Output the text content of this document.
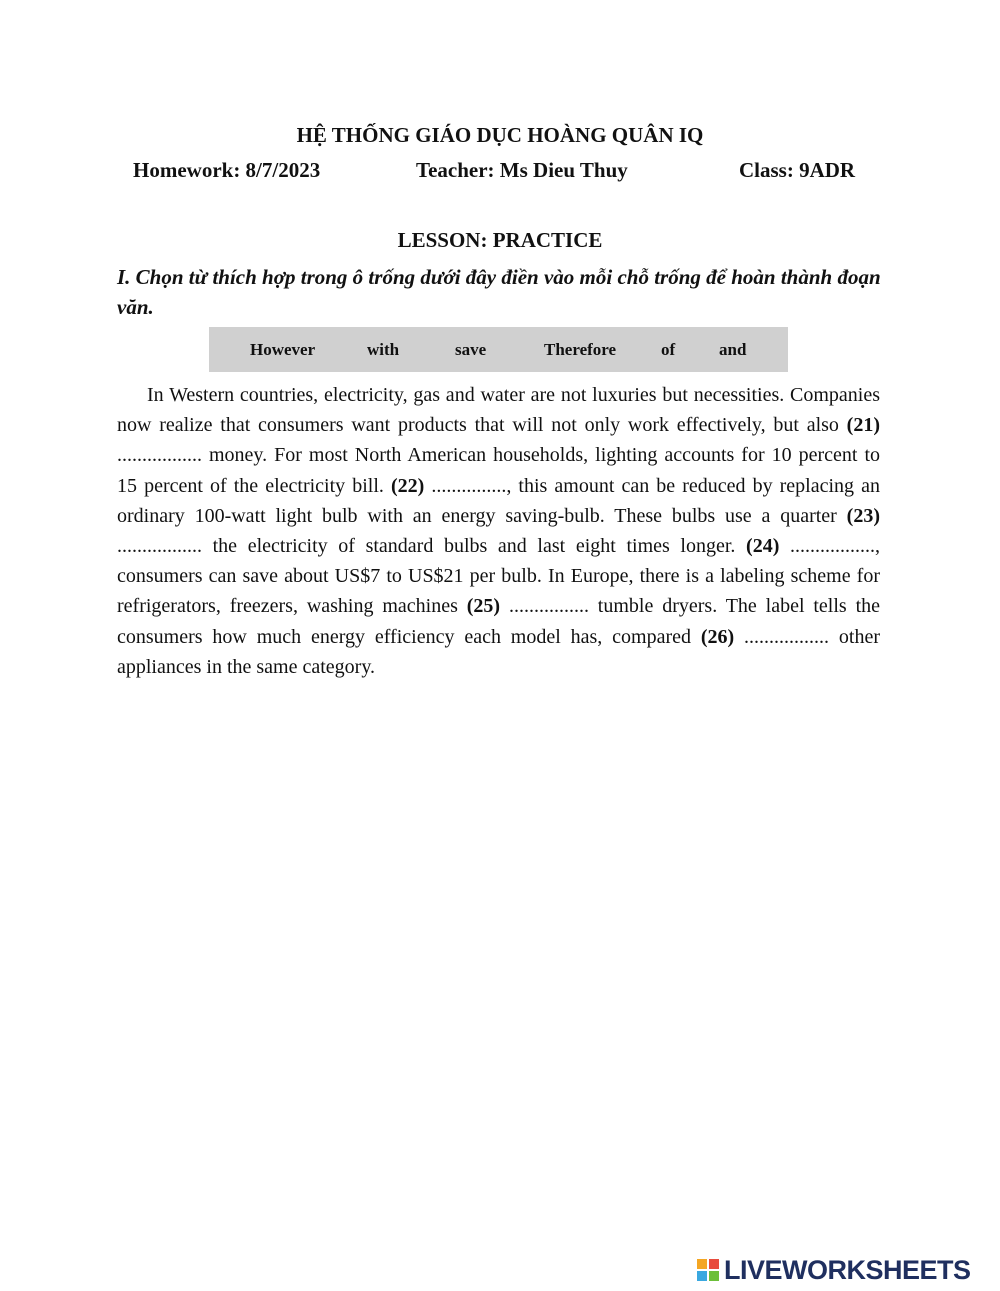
HỆ THỐNG GIÁO DỤC HOÀNG QUÂN IQ
Homework: 8/7/2023	Teacher: Ms Dieu Thuy	Class: 9ADR
LESSON: PRACTICE
I. Chọn từ thích hợp trong ô trống dưới đây điền vào mỗi chỗ trống để hoàn thành đoạn văn.
However	with	save	Therefore	of	and

In Western countries, electricity, gas and water are not luxuries but necessities. Companies now realize that consumers want products that will not only work effectively, but also (21) ................. money. For most North American households, lighting accounts for 10 percent to 15 percent of the electricity bill. (22) ..............., this amount can be reduced by replacing an ordinary 100-watt light bulb with an energy saving-bulb. These bulbs use a quarter (23) ................. the electricity of standard bulbs and last eight times longer. (24) ................., consumers can save about US$7 to US$21 per bulb. In Europe, there is a labeling scheme for refrigerators, freezers, washing machines (25) ................ tumble dryers. The label tells the consumers how much energy efficiency each model has, compared (26) ................. other appliances in the same category.

LIVEWORKSHEETS
